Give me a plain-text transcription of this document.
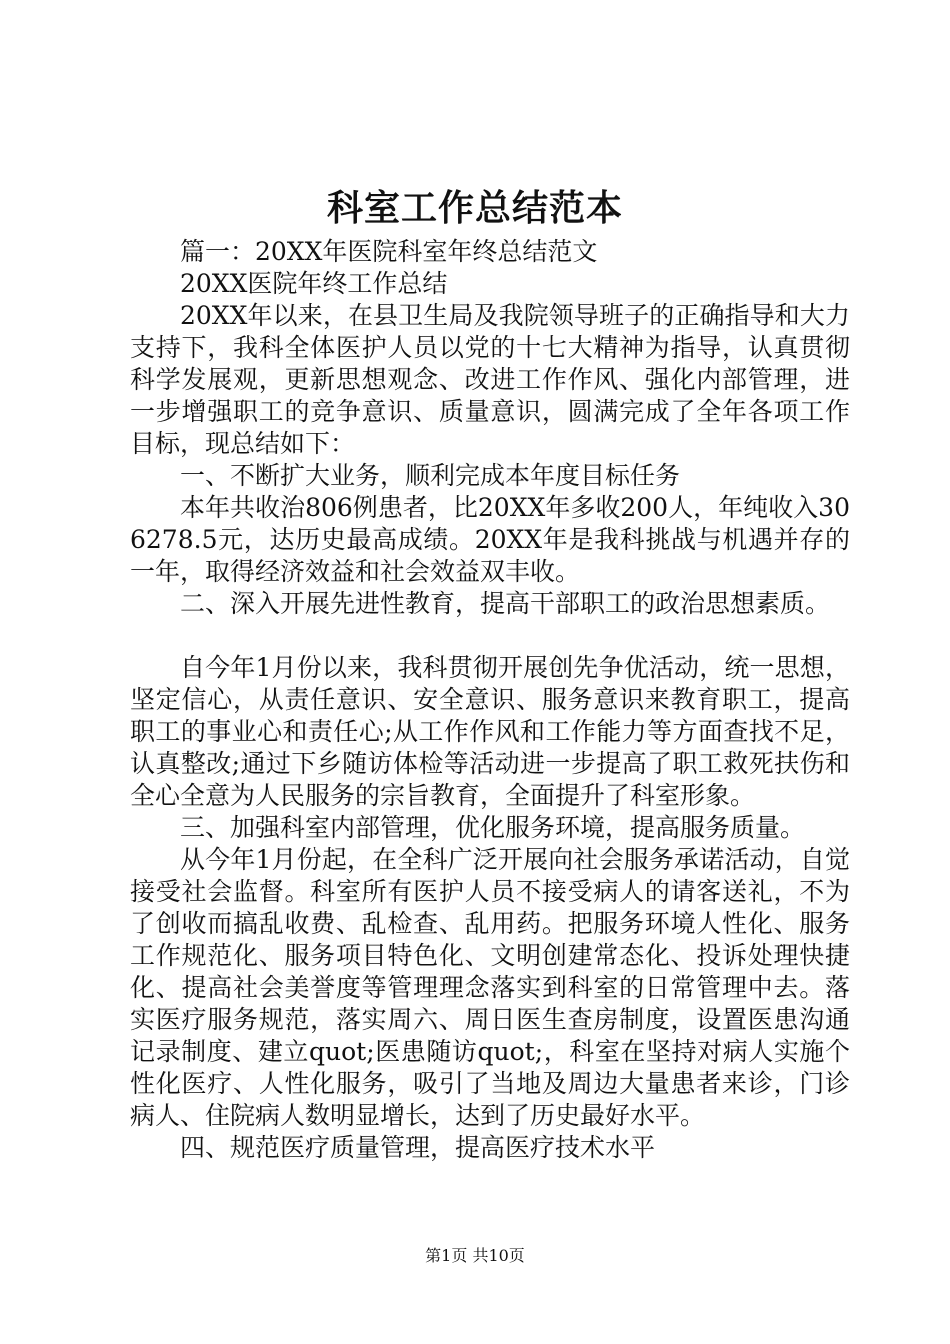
科室工作总结范本

篇一：20XX年医院科室年终总结范文

20XX医院年终工作总结

20XX年以来，在县卫生局及我院领导班子的正确指导和大力支持下，我科全体医护人员以党的十七大精神为指导，认真贯彻科学发展观，更新思想观念、改进工作作风、强化内部管理，进一步增强职工的竞争意识、质量意识，圆满完成了全年各项工作目标，现总结如下：

一、不断扩大业务，顺利完成本年度目标任务

本年共收治806例患者，比20XX年多收200人，年纯收入306278.5元，达历史最高成绩。20XX年是我科挑战与机遇并存的一年，取得经济效益和社会效益双丰收。

二、深入开展先进性教育，提高干部职工的政治思想素质。

自今年1月份以来，我科贯彻开展创先争优活动，统一思想，坚定信心，从责任意识、安全意识、服务意识来教育职工，提高职工的事业心和责任心;从工作作风和工作能力等方面查找不足，认真整改;通过下乡随访体检等活动进一步提高了职工救死扶伤和全心全意为人民服务的宗旨教育，全面提升了科室形象。

三、加强科室内部管理，优化服务环境，提高服务质量。

从今年1月份起，在全科广泛开展向社会服务承诺活动，自觉接受社会监督。科室所有医护人员不接受病人的请客送礼，不为了创收而搞乱收费、乱检查、乱用药。把服务环境人性化、服务工作规范化、服务项目特色化、文明创建常态化、投诉处理快捷化、提高社会美誉度等管理理念落实到科室的日常管理中去。落实医疗服务规范，落实周六、周日医生查房制度，设置医患沟通记录制度、建立quot;医患随访quot;，科室在坚持对病人实施个性化医疗、人性化服务，吸引了当地及周边大量患者来诊，门诊病人、住院病人数明显增长，达到了历史最好水平。

四、规范医疗质量管理，提高医疗技术水平

第1页 共10页
